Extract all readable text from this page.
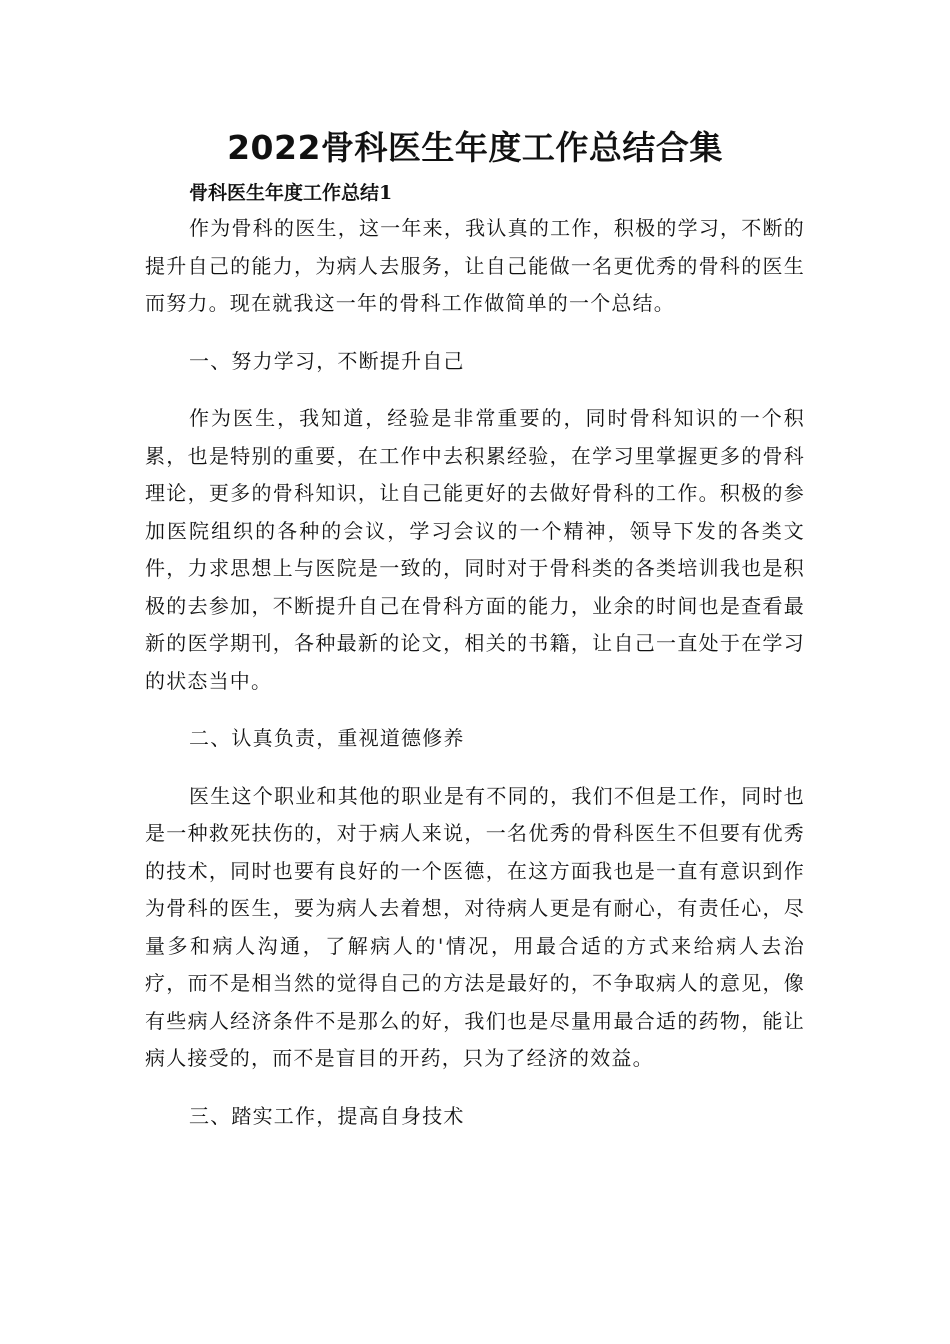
2022骨科医生年度工作总结合集

骨科医生年度工作总结1

作为骨科的医生，这一年来，我认真的工作，积极的学习，不断的提升自己的能力，为病人去服务，让自己能做一名更优秀的骨科的医生而努力。现在就我这一年的骨科工作做简单的一个总结。

一、努力学习，不断提升自己

作为医生，我知道，经验是非常重要的，同时骨科知识的一个积累，也是特别的重要，在工作中去积累经验，在学习里掌握更多的骨科理论，更多的骨科知识，让自己能更好的去做好骨科的工作。积极的参加医院组织的各种的会议，学习会议的一个精神，领导下发的各类文件，力求思想上与医院是一致的，同时对于骨科类的各类培训我也是积极的去参加，不断提升自己在骨科方面的能力，业余的时间也是查看最新的医学期刊，各种最新的论文，相关的书籍，让自己一直处于在学习的状态当中。

二、认真负责，重视道德修养

医生这个职业和其他的职业是有不同的，我们不但是工作，同时也是一种救死扶伤的，对于病人来说，一名优秀的骨科医生不但要有优秀的技术，同时也要有良好的一个医德，在这方面我也是一直有意识到作为骨科的医生，要为病人去着想，对待病人更是有耐心，有责任心，尽量多和病人沟通，了解病人的'情况，用最合适的方式来给病人去治疗，而不是相当然的觉得自己的方法是最好的，不争取病人的意见，像有些病人经济条件不是那么的好，我们也是尽量用最合适的药物，能让病人接受的，而不是盲目的开药，只为了经济的效益。

三、踏实工作，提高自身技术
